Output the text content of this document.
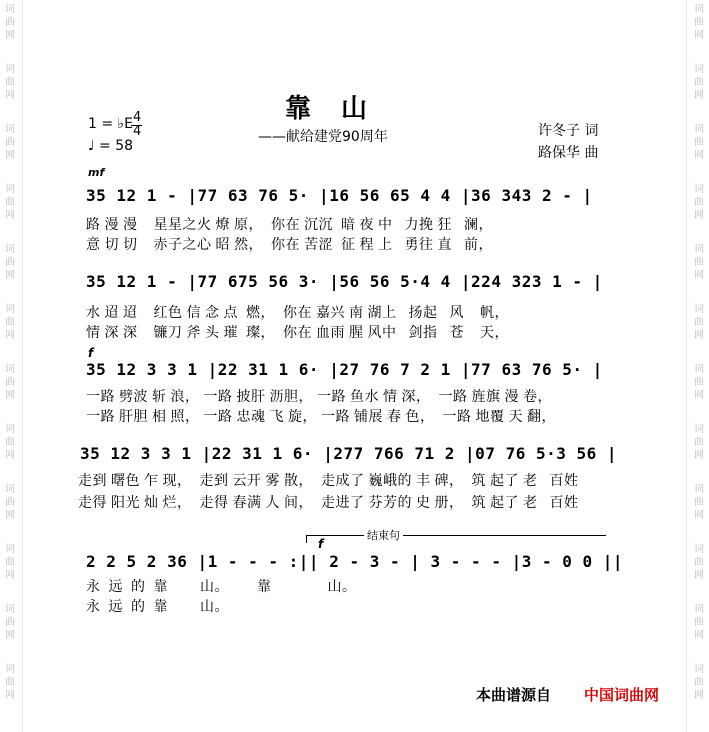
词
曲
网
词
曲
网
词
曲
网
词
曲
网
词
曲
网
词
曲
网
词
曲
网
词
曲
网
词
曲
网
词
曲
网
词
曲
网
词
曲
网
词
曲
网
词
曲
网
词
曲
网
词
曲
网
词
曲
网
词
曲
网
词
曲
网
词
曲
网
词
曲
网
词
曲
网
词
曲
网
词
曲
网
1 = ♭E 4
4
♩ = 58
靠　山
——献给建党90周年	许冬子 词
路保华 曲
mf
f
f
35 12 1 - |77 63 76 5· |16 56 65 4 4 |36 343 2 - |
路 漫 漫    星星之火 燎 原，  你在 沉沉  暗 夜 中   力挽 狂   澜，
意 切 切    赤子之心 昭 然，  你在 苦涩  征 程 上   勇往 直   前，
35 12 1 - |77 675 56 3· |56 56 5·4 4 |224 323 1 - |
水 迢 迢    红色 信 念 点  燃，  你在 嘉兴 南 湖上   扬起   风    帆，
情 深 深    镰刀 斧 头 璀  璨，  你在 血雨 腥 风中   剑指   苍    天，
35 12 3 3 1 |22 31 1 6· |27 76 7 2 1 |77 63 76 5· |
一路 劈波 斩 浪， 一路 披肝 沥胆， 一路 鱼水 情 深，  一路 旌旗 漫 卷，
一路 肝胆 相 照， 一路 忠魂 飞 旋， 一路 铺展 春 色，  一路 地覆 天 翻，
35 12 3 3 1 |22 31 1 6· |277 766 71 2 |07 76 5·3 56 |
走到 曙色 乍 现，  走到 云开 雾 散，  走成了 巍峨的 丰 碑，  筑 起了 老   百姓
走得 阳光 灿 烂，  走得 春满 人 间，  走进了 芬芳的 史 册，  筑 起了 老   百姓
结束句
2 2 5 2 36 |1 - - - :|| 2 - 3 - | 3 - - - |3 - 0 0 ||
永  远  的  靠        山。       靠              山。
永  远  的  靠        山。
本曲谱源自 中国词曲网
